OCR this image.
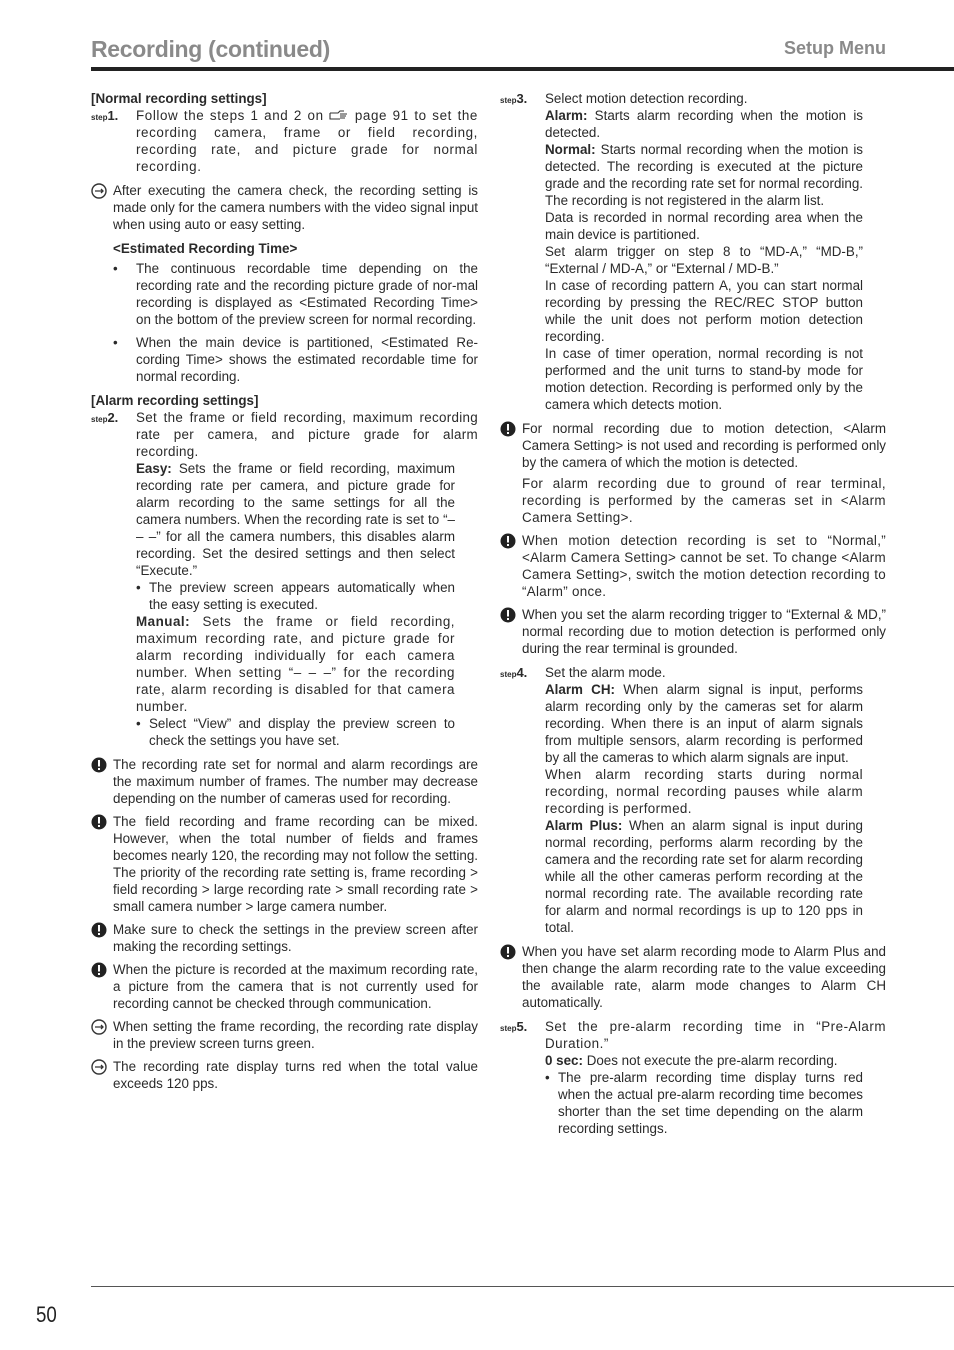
Recording (continued)	Setup Menu

[Normal recording settings]

step1. Follow the steps 1 and 2 on  page 91 to set the recording camera, frame or field recording, recording rate, and picture grade for normal recording.

After executing the camera check, the recording setting is made only for the camera numbers with the video signal input when using auto or easy setting.

<Estimated Recording Time>

• The continuous recordable time depending on the recording rate and the recording picture grade of nor-mal recording is displayed as <Estimated Recording Time> on the bottom of the preview screen for normal recording.

• When the main device is partitioned, <Estimated Re-cording Time> shows the estimated recordable time for normal recording.

[Alarm recording settings]

step2. Set the frame or field recording, maximum recording rate per camera, and picture grade for alarm recording.

Easy: Sets the frame or field recording, maximum recording rate per camera, and picture grade for alarm recording to the same settings for all the camera numbers. When the recording rate is set to “– – –” for all the camera numbers, this disables alarm recording. Set the desired settings and then select “Execute.”

• The preview screen appears automatically when the easy setting is executed.

Manual: Sets the frame or field recording, maximum recording rate, and picture grade for alarm recording individually for each camera number. When setting “– – –” for the recording rate, alarm recording is disabled for that camera number.

• Select “View” and display the preview screen to check the settings you have set.

The recording rate set for normal and alarm recordings are the maximum number of frames. The number may decrease depending on the number of cameras used for recording.

The field recording and frame recording can be mixed. However, when the total number of fields and frames becomes nearly 120, the recording may not follow the setting. The priority of the recording rate setting is, frame recording > field recording > large recording rate > small recording rate > small camera number > large camera number.

Make sure to check the settings in the preview screen after making the recording settings.

When the picture is recorded at the maximum recording rate, a picture from the camera that is not currently used for recording cannot be checked through communication.

When setting the frame recording, the recording rate display in the preview screen turns green.

The recording rate display turns red when the total value exceeds 120 pps.

step3. Select motion detection recording.

Alarm: Starts alarm recording when the motion is detected.

Normal: Starts normal recording when the motion is detected. The recording is executed at the picture grade and the recording rate set for normal recording. The recording is not registered in the alarm list.

Data is recorded in normal recording area when the main device is partitioned.

Set alarm trigger on step 8 to “MD-A,” “MD-B,” “External / MD-A,” or “External / MD-B.”

In case of recording pattern A, you can start normal recording by pressing the REC/REC STOP button while the unit does not perform motion detection recording.

In case of timer operation, normal recording is not performed and the unit turns to stand-by mode for motion detection. Recording is performed only by the camera which detects motion.

For normal recording due to motion detection, <Alarm Camera Setting> is not used and recording is performed only by the camera of which the motion is detected.

For alarm recording due to ground of rear terminal, recording is performed by the cameras set in <Alarm Camera Setting>.

When motion detection recording is set to “Normal,” <Alarm Camera Setting> cannot be set. To change <Alarm Camera Setting>, switch the motion detection recording to “Alarm” once.

When you set the alarm recording trigger to “External & MD,” normal recording due to motion detection is performed only during the rear terminal is grounded.

step4. Set the alarm mode.

Alarm CH: When alarm signal is input, performs alarm recording only by the cameras set for alarm recording. When there is an input of alarm signals from multiple sensors, alarm recording is performed by all the cameras to which alarm signals are input.

When alarm recording starts during normal recording, normal recording pauses while alarm recording is performed.

Alarm Plus: When an alarm signal is input during normal recording, performs alarm recording by the camera and the recording rate set for alarm recording while all the other cameras perform recording at the normal recording rate. The available recording rate for alarm and normal recordings is up to 120 pps in total.

When you have set alarm recording mode to Alarm Plus and then change the alarm recording rate to the value exceeding the available rate, alarm mode changes to Alarm CH automatically.

step5. Set the pre-alarm recording time in “Pre-Alarm Duration.”

0 sec: Does not execute the pre-alarm recording.

• The pre-alarm recording time display turns red when the actual pre-alarm recording time becomes shorter than the set time depending on the alarm recording settings.

50
